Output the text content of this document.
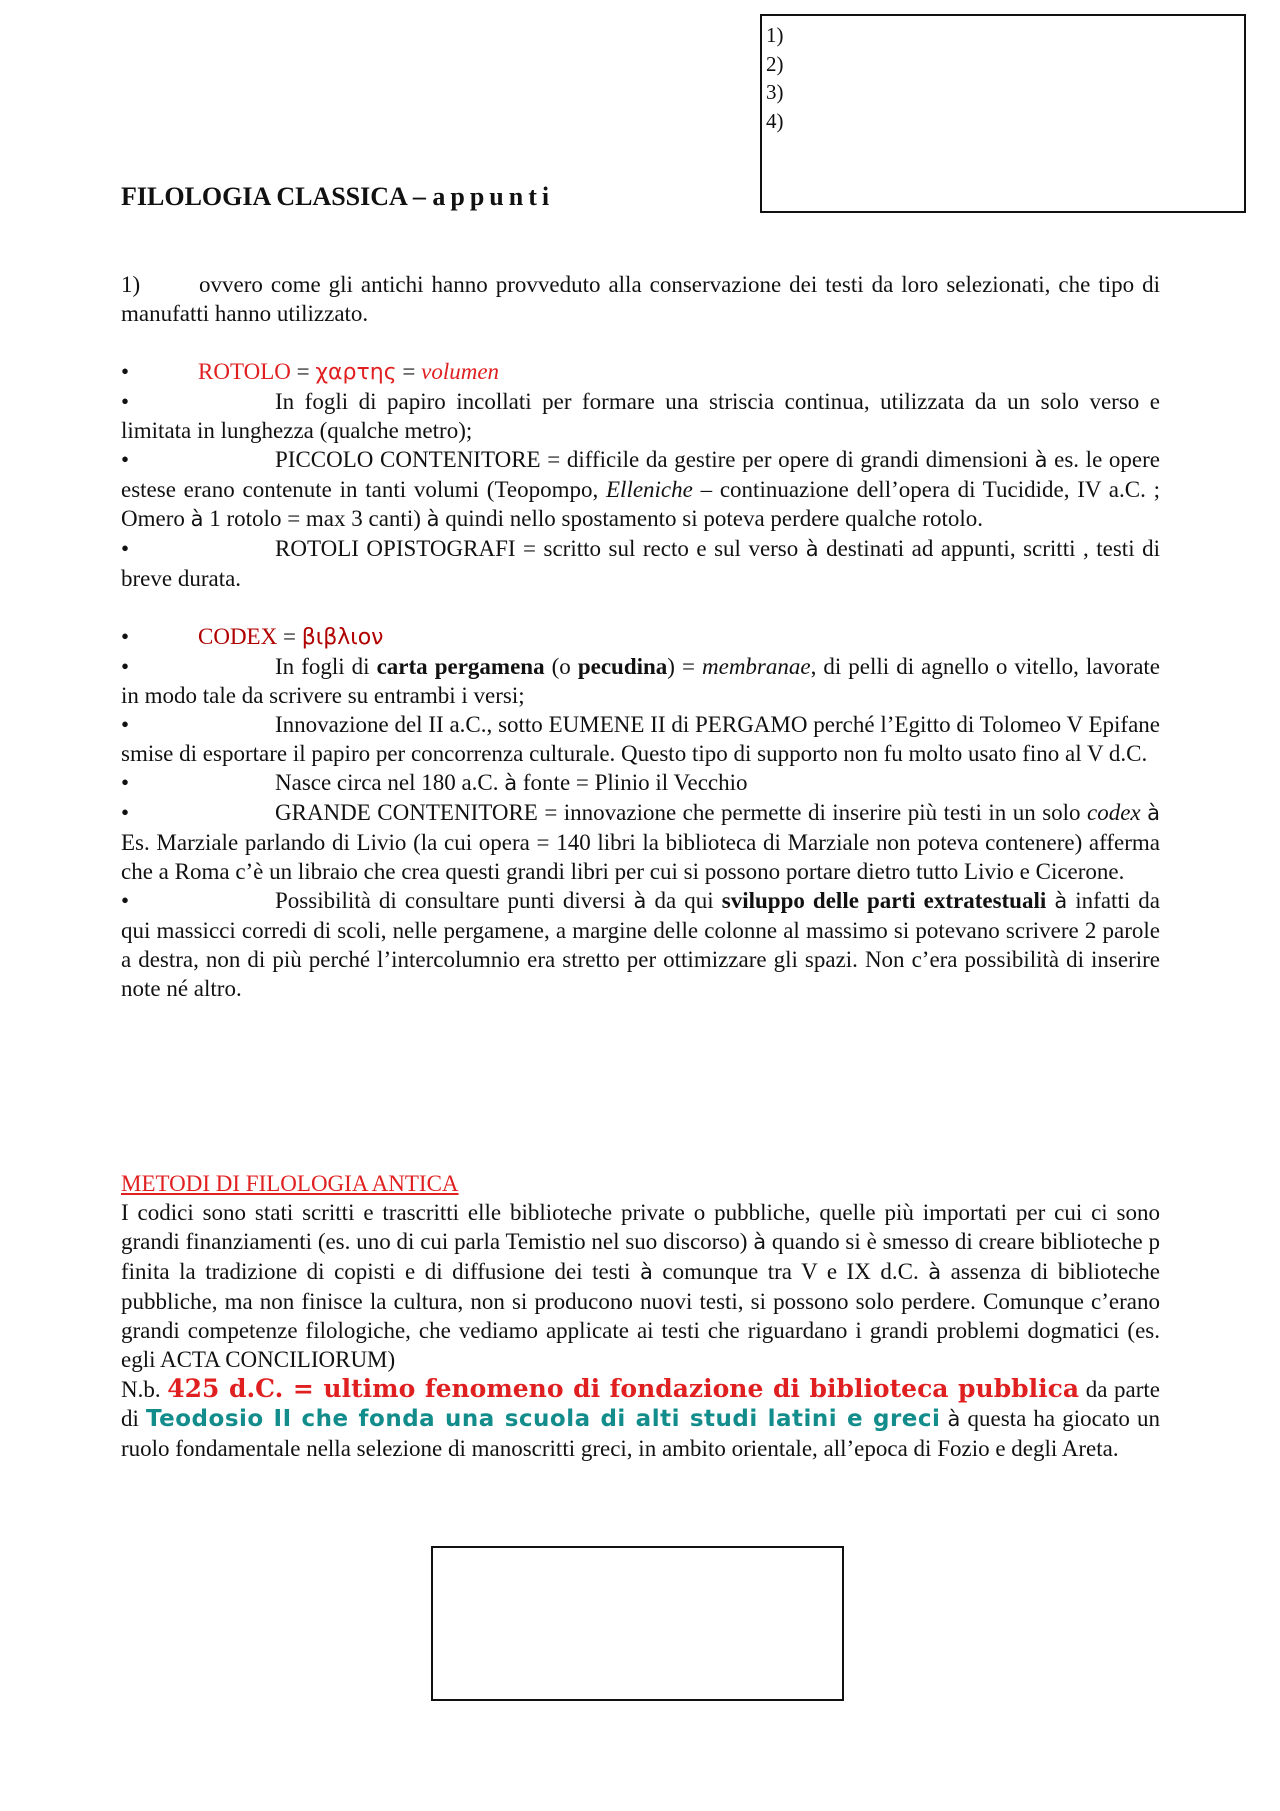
1)
2)
3)
4)
FILOLOGIA CLASSICA – appunti

1)	ovvero come gli antichi hanno provveduto alla conservazione dei testi da loro selezionati, che tipo di manufatti hanno utilizzato.

•	ROTOLO = χαρτης = volumen

•	In fogli di papiro incollati per formare una striscia continua, utilizzata da un solo verso e limitata in lunghezza (qualche metro);

•	PICCOLO CONTENITORE = difficile da gestire per opere di grandi dimensioni à es. le opere estese erano contenute in tanti volumi (Teopompo, Elleniche – continuazione dell’opera di Tucidide, IV a.C. ; Omero à 1 rotolo = max 3 canti) à quindi nello spostamento si poteva perdere qualche rotolo.

•	ROTOLI OPISTOGRAFI = scritto sul recto e sul verso à destinati ad appunti, scritti , testi di breve durata.

•	CODEX = βιβλιον

•	In fogli di carta pergamena (o pecudina) = membranae, di pelli di agnello o vitello, lavorate in modo tale da scrivere su entrambi i versi;

•	Innovazione del II a.C., sotto EUMENE II di PERGAMO perché l’Egitto di Tolomeo V Epifane smise di esportare il papiro per concorrenza culturale. Questo tipo di supporto non fu molto usato fino al V d.C.

•	Nasce circa nel 180 a.C. à fonte = Plinio il Vecchio

•	GRANDE CONTENITORE = innovazione che permette di inserire più testi in un solo codex à Es. Marziale parlando di Livio (la cui opera = 140 libri la biblioteca di Marziale non poteva contenere) afferma che a Roma c’è un libraio che crea questi grandi libri per cui si possono portare dietro tutto Livio e Cicerone.

•	Possibilità di consultare punti diversi à da qui sviluppo delle parti extratestuali à infatti da qui massicci corredi di scoli, nelle pergamene, a margine delle colonne al massimo si potevano scrivere 2 parole a destra, non di più perché l’intercolumnio era stretto per ottimizzare gli spazi. Non c’era possibilità di inserire note né altro.

METODI DI FILOLOGIA ANTICA

I codici sono stati scritti e trascritti elle biblioteche private o pubbliche, quelle più importati per cui ci sono grandi finanziamenti (es. uno di cui parla Temistio nel suo discorso) à quando si è smesso di creare biblioteche p finita la tradizione di copisti e di diffusione dei testi à comunque tra V e IX d.C. à assenza di biblioteche pubbliche, ma non finisce la cultura, non si producono nuovi testi, si possono solo perdere. Comunque c’erano grandi competenze filologiche, che vediamo applicate ai testi che riguardano i grandi problemi dogmatici (es. egli ACTA CONCILIORUM)

N.b. 425 d.C. = ultimo fenomeno di fondazione di biblioteca pubblica da parte di Teodosio II che fonda una scuola di alti studi latini e greci à questa ha giocato un ruolo fondamentale nella selezione di manoscritti greci, in ambito orientale, all’epoca di Fozio e degli Areta.
